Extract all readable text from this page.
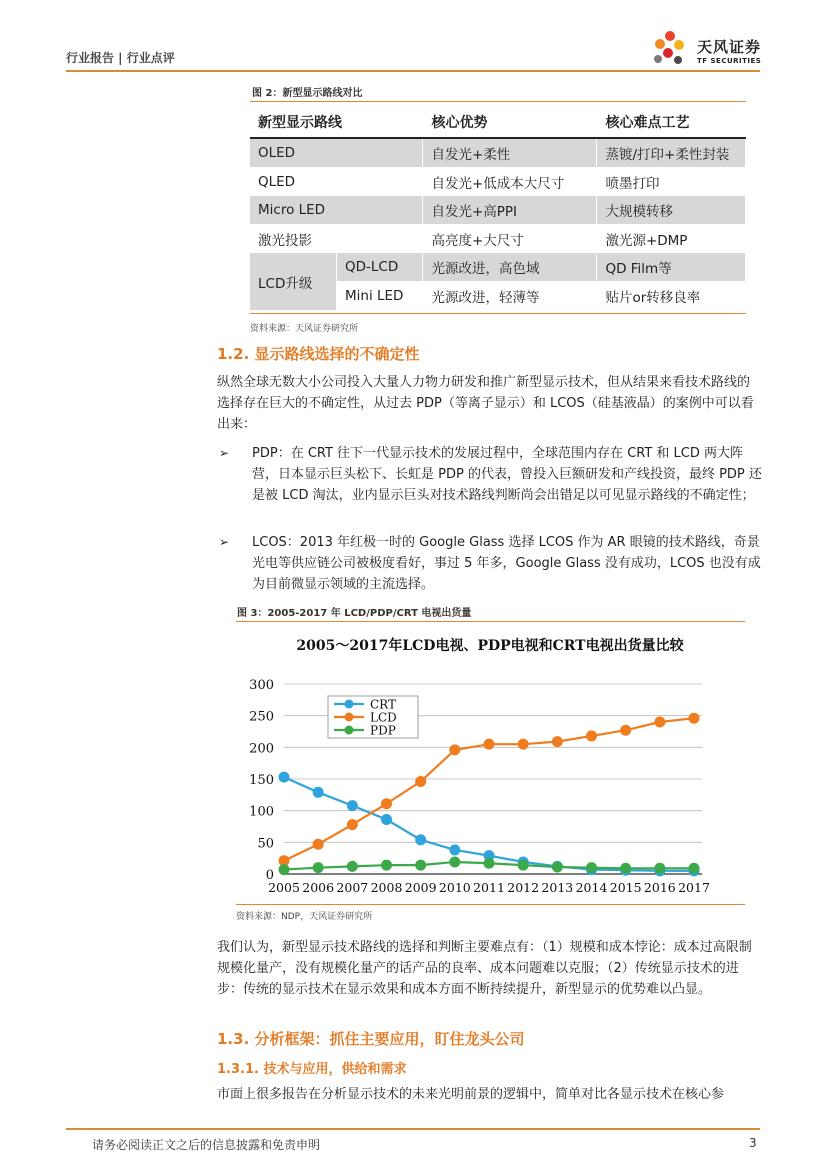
行业报告 | 行业点评
天风证券
TF SECURITIES
图 2：新型显示路线对比
新型显示路线		核心优势	核心难点工艺
OLED		自发光+柔性	蒸镀/打印+柔性封装
QLED		自发光+低成本大尺寸	喷墨打印
Micro LED		自发光+高PPI	大规模转移
激光投影		高亮度+大尺寸	激光源+DMP
LCD升级	QD-LCD	光源改进，高色域	QD Film等
	Mini LED	光源改进，轻薄等	贴片or转移良率
资料来源：天风证券研究所
1.2. 显示路线选择的不确定性

纵然全球无数大小公司投入大量人力物力研发和推广新型显示技术，但从结果来看技术路线的选择存在巨大的不确定性，从过去 PDP（等离子显示）和 LCOS（硅基液晶）的案例中可以看出来：

➢ PDP：在 CRT 往下一代显示技术的发展过程中，全球范围内存在 CRT 和 LCD 两大阵营，日本显示巨头松下、长虹是 PDP 的代表，曾投入巨额研发和产线投资，最终 PDP 还是被 LCD 淘汰，业内显示巨头对技术路线判断尚会出错足以可见显示路线的不确定性；

➢ LCOS：2013 年红极一时的 Google Glass 选择 LCOS 作为 AR 眼镜的技术路线，奇景光电等供应链公司被极度看好，事过 5 年多，Google Glass 没有成功，LCOS 也没有成为目前微显示领域的主流选择。

图 3：2005-2017 年 LCD/PDP/CRT 电视出货量
2005～2017年LCD电视、PDP电视和CRT电视出货量比较
0
50
100
150
200
250
300
2005 2006 2007 2008 2009 2010 2011 2012 2013 2014 2015 2016 2017
CRT
LCD
PDP
资料来源：NDP，天风证券研究所

我们认为，新型显示技术路线的选择和判断主要难点有：（1）规模和成本悖论：成本过高限制规模化量产，没有规模化量产的话产品的良率、成本问题难以克服；（2）传统显示技术的进步：传统的显示技术在显示效果和成本方面不断持续提升，新型显示的优势难以凸显。

1.3. 分析框架：抓住主要应用，盯住龙头公司
1.3.1. 技术与应用，供给和需求

市面上很多报告在分析显示技术的未来光明前景的逻辑中，简单对比各显示技术在核心参

请务必阅读正文之后的信息披露和免责申明	3
